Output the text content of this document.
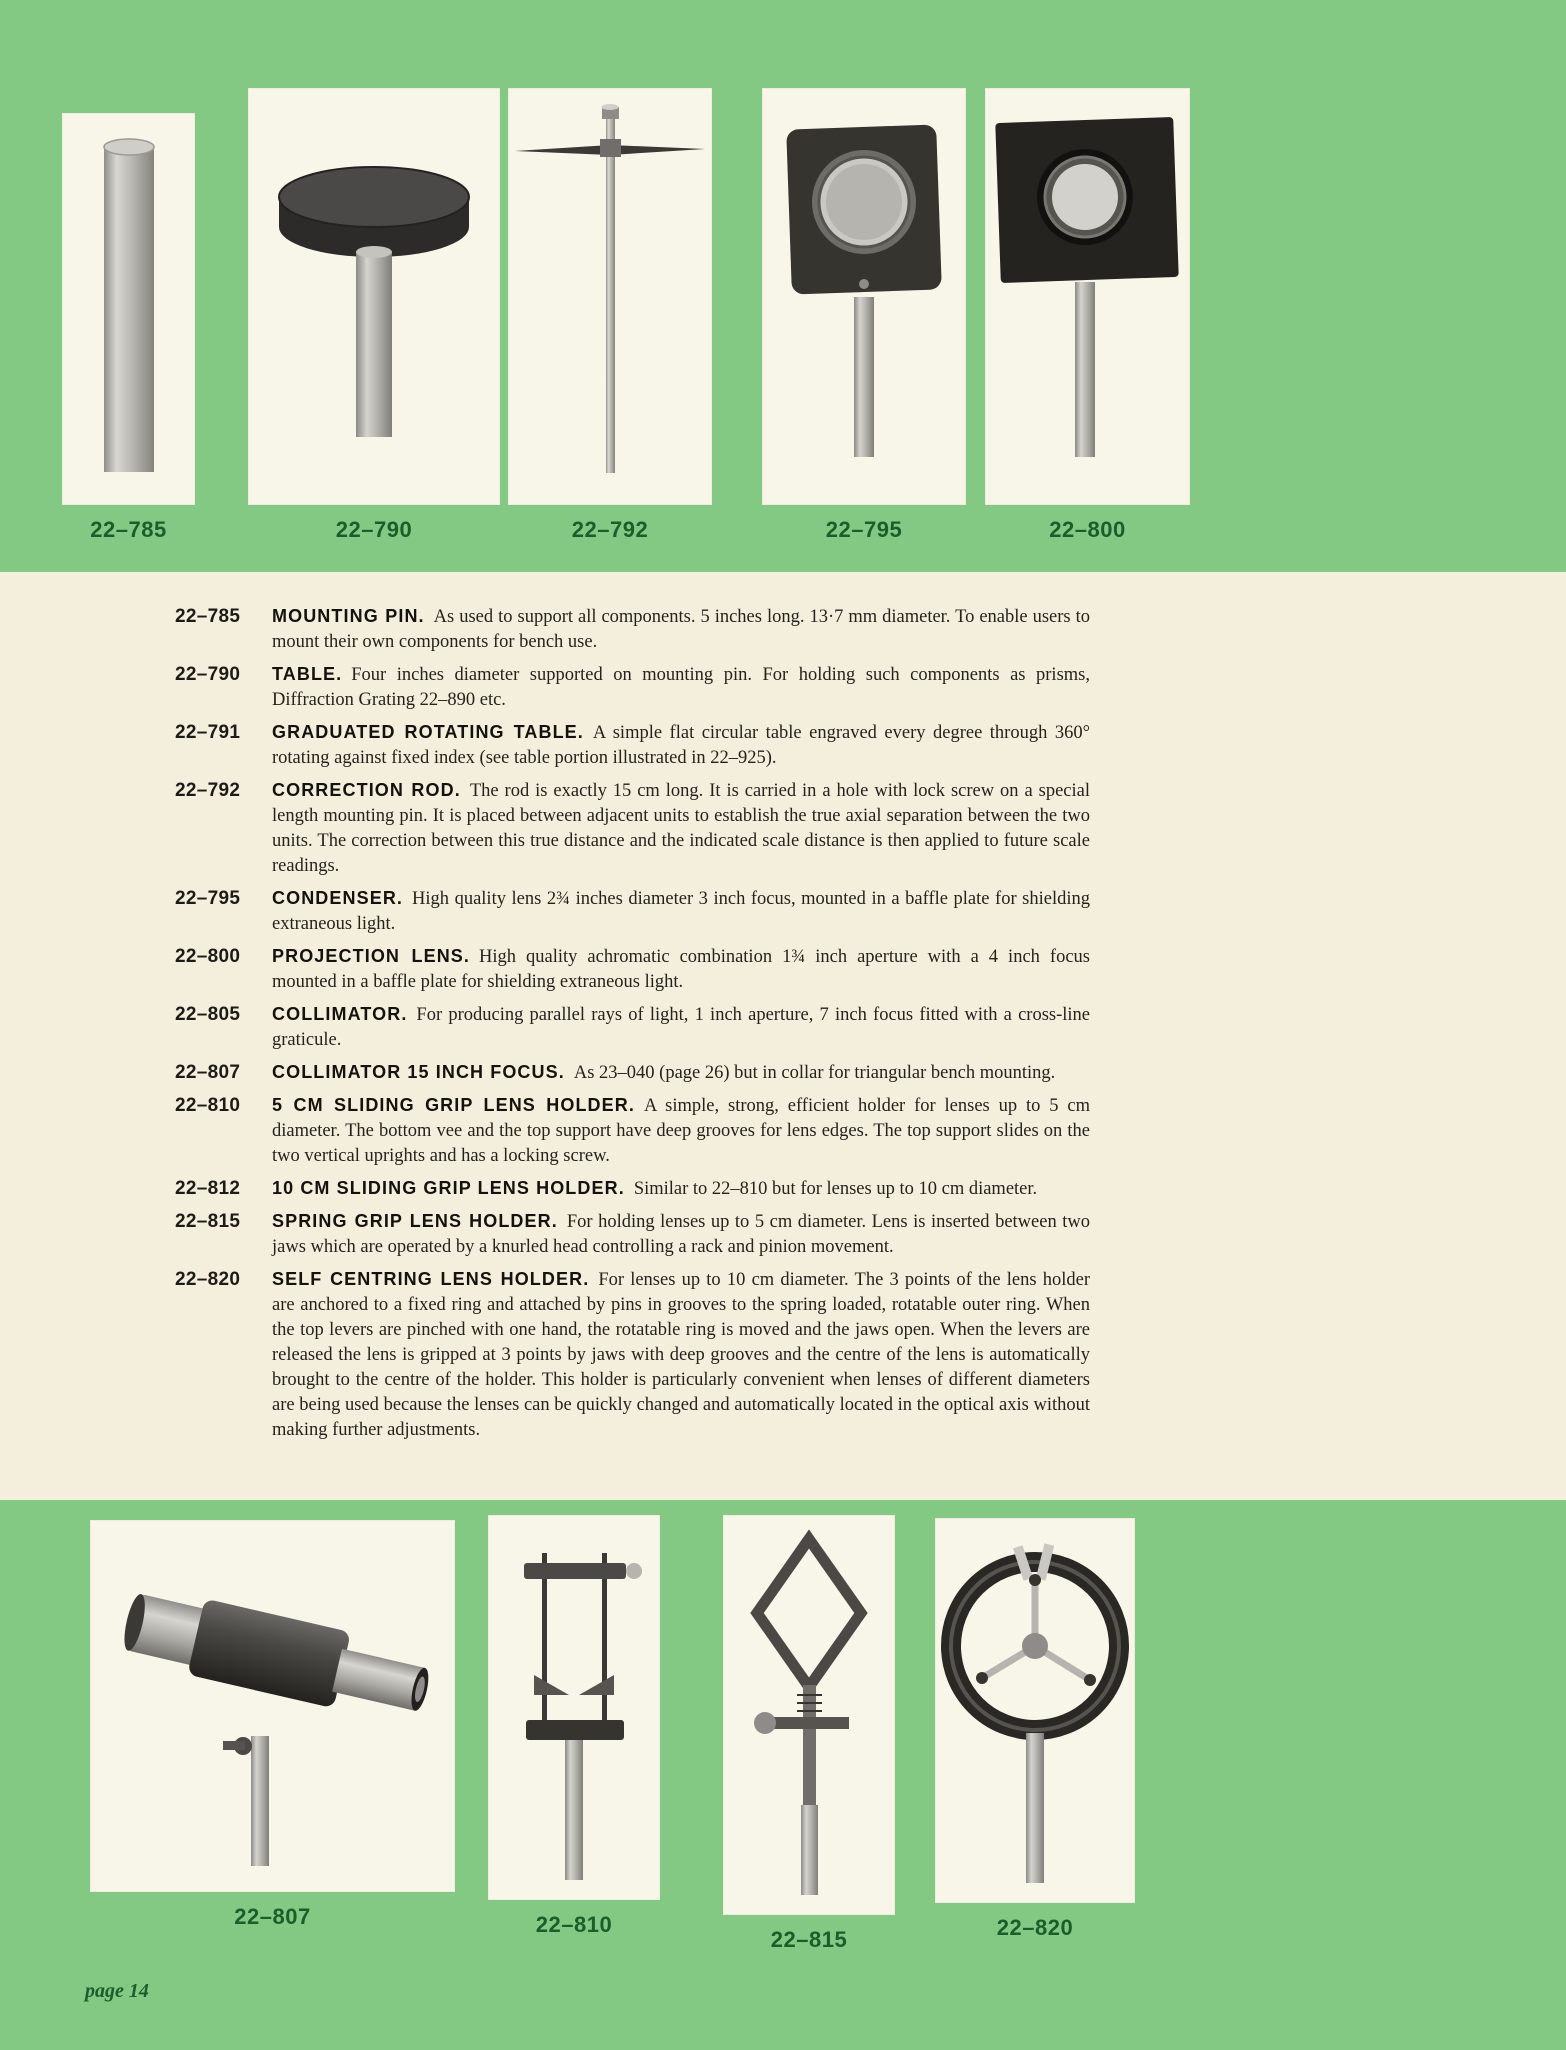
22–785	22–790	22–792	22–795	22–800
22–785	MOUNTING PIN. As used to support all components. 5 inches long. 13·7 mm diameter. To enable users to mount their own components for bench use.

22–790	TABLE. Four inches diameter supported on mounting pin. For holding such components as prisms, Diffraction Grating 22–890 etc.

22–791	GRADUATED ROTATING TABLE. A simple flat circular table engraved every degree through 360° rotating against fixed index (see table portion illustrated in 22–925).

22–792	CORRECTION ROD. The rod is exactly 15 cm long. It is carried in a hole with lock screw on a special length mounting pin. It is placed between adjacent units to establish the true axial separation between the two units. The correction between this true distance and the indicated scale distance is then applied to future scale readings.

22–795	CONDENSER. High quality lens 2¾ inches diameter 3 inch focus, mounted in a baffle plate for shielding extraneous light.

22–800	PROJECTION LENS. High quality achromatic combination 1¾ inch aperture with a 4 inch focus mounted in a baffle plate for shielding extraneous light.

22–805	COLLIMATOR. For producing parallel rays of light, 1 inch aperture, 7 inch focus fitted with a cross-line graticule.

22–807	COLLIMATOR 15 INCH FOCUS. As 23–040 (page 26) but in collar for triangular bench mounting.

22–810	5 CM SLIDING GRIP LENS HOLDER. A simple, strong, efficient holder for lenses up to 5 cm diameter. The bottom vee and the top support have deep grooves for lens edges. The top support slides on the two vertical uprights and has a locking screw.

22–812	10 CM SLIDING GRIP LENS HOLDER. Similar to 22–810 but for lenses up to 10 cm diameter.

22–815	SPRING GRIP LENS HOLDER. For holding lenses up to 5 cm diameter. Lens is inserted between two jaws which are operated by a knurled head controlling a rack and pinion movement.

22–820	SELF CENTRING LENS HOLDER. For lenses up to 10 cm diameter. The 3 points of the lens holder are anchored to a fixed ring and attached by pins in grooves to the spring loaded, rotatable outer ring. When the top levers are pinched with one hand, the rotatable ring is moved and the jaws open. When the levers are released the lens is gripped at 3 points by jaws with deep grooves and the centre of the lens is automatically brought to the centre of the holder. This holder is particularly convenient when lenses of different diameters are being used because the lenses can be quickly changed and automatically located in the optical axis without making further adjustments.

22–807	22–810
22–815	22–820
page 14
